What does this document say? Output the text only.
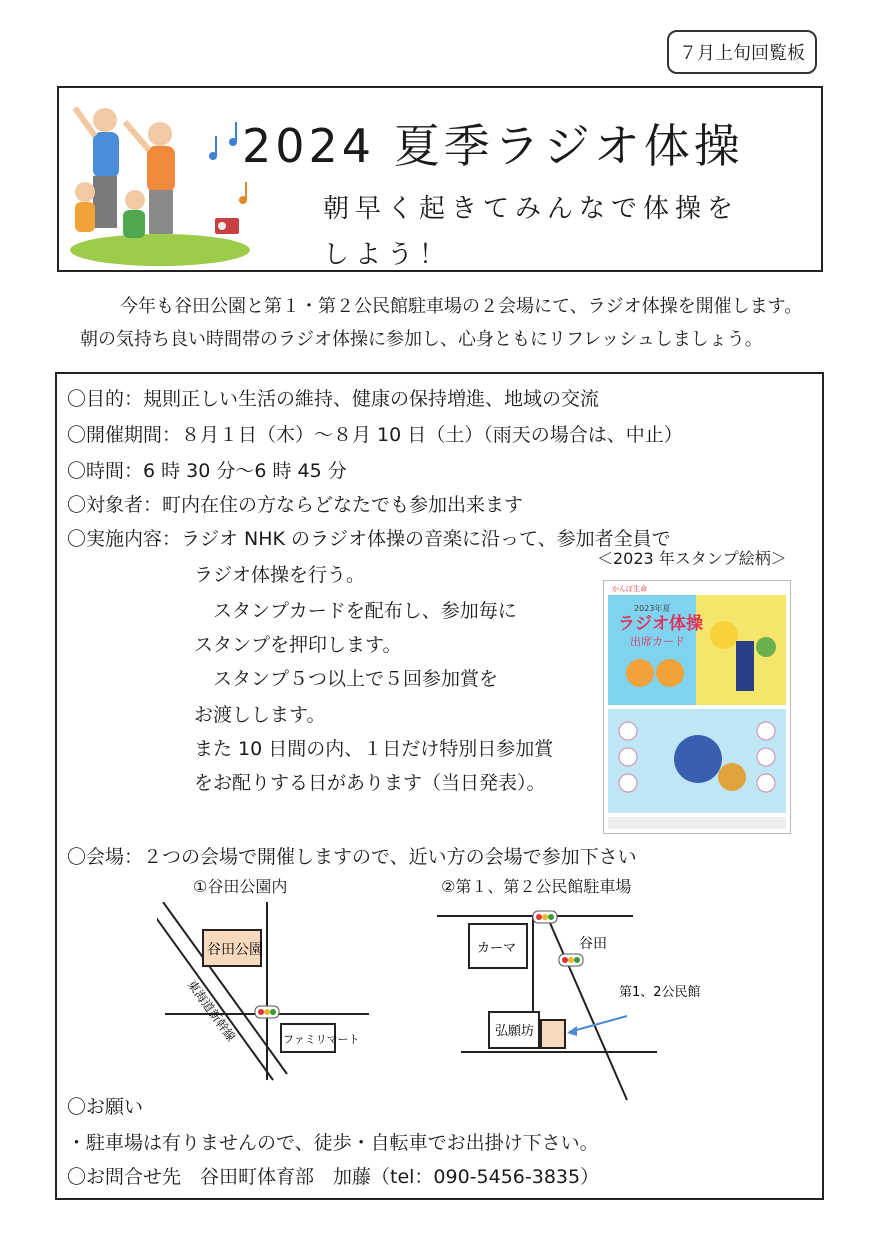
７月上旬回覧板
2024 夏季ラジオ体操
朝早く起きてみんなで体操をしよう！
今年も谷田公園と第１・第２公民館駐車場の２会場にて、ラジオ体操を開催します。
朝の気持ち良い時間帯のラジオ体操に参加し、心身ともにリフレッシュしましょう。
〇目的：規則正しい生活の維持、健康の保持増進、地域の交流
〇開催期間：８月１日（木）～８月 10 日（土）（雨天の場合は、中止）
〇時間：6 時 30 分～6 時 45 分
〇対象者：町内在住の方ならどなたでも参加出来ます
〇実施内容：ラジオ NHK のラジオ体操の音楽に沿って、参加者全員で
ラジオ体操を行う。
　スタンプカードを配布し、参加毎に
スタンプを押印します。
　スタンプ５つ以上で５回参加賞を
お渡しします。
また 10 日間の内、１日だけ特別日参加賞
をお配りする日があります（当日発表）。
＜2023 年スタンプ絵柄＞
かんぽ生命
2023年夏
ラジオ体操
出席カード
〇会場：２つの会場で開催しますので、近い方の会場で参加下さい
①谷田公園内
谷田公園
東海道新幹線	ファミリマート
②第１、第２公民館駐車場
カーマ	谷田
弘願坊
第1、2公民館
〇お願い
・駐車場は有りませんので、徒歩・自転車でお出掛け下さい。
〇お問合せ先　谷田町体育部　加藤（tel：090-5456-3835）
